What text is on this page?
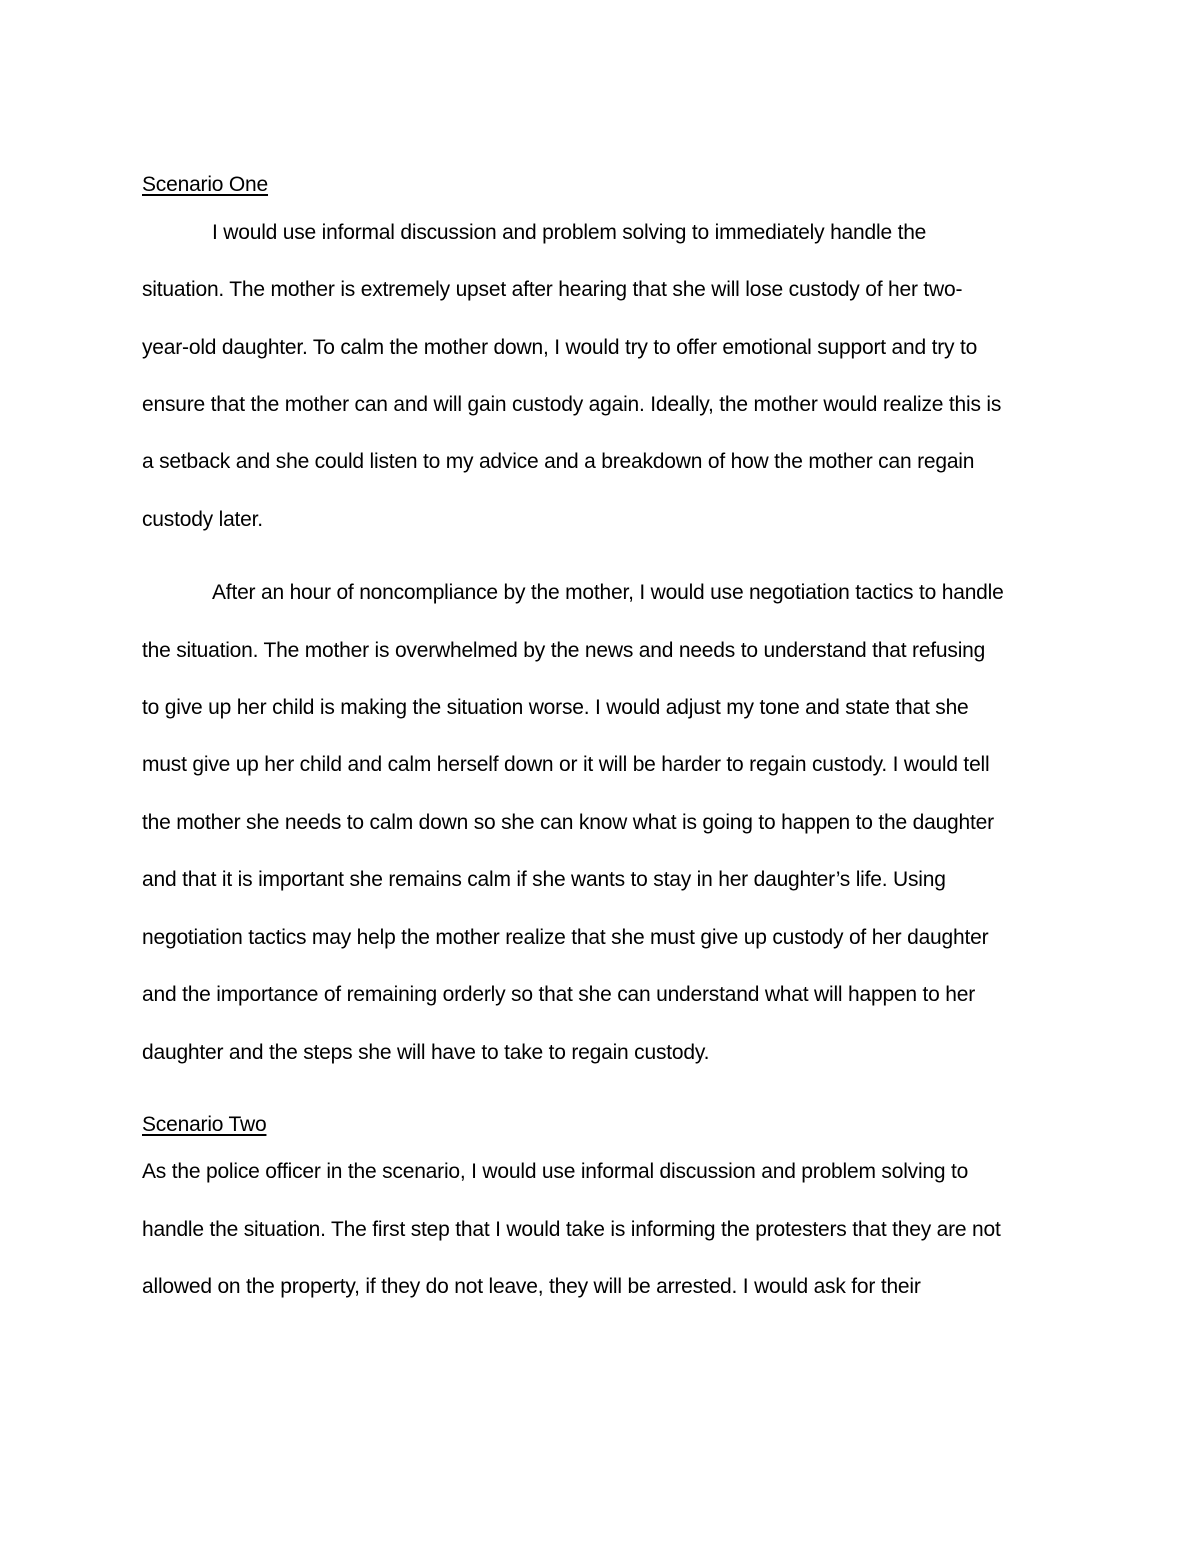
Scenario One
I would use informal discussion and problem solving to immediately handle the
situation. The mother is extremely upset after hearing that she will lose custody of her two-
year-old daughter. To calm the mother down, I would try to offer emotional support and try to
ensure that the mother can and will gain custody again. Ideally, the mother would realize this is
a setback and she could listen to my advice and a breakdown of how the mother can regain
custody later.
After an hour of noncompliance by the mother, I would use negotiation tactics to handle
the situation. The mother is overwhelmed by the news and needs to understand that refusing
to give up her child is making the situation worse. I would adjust my tone and state that she
must give up her child and calm herself down or it will be harder to regain custody. I would tell
the mother she needs to calm down so she can know what is going to happen to the daughter
and that it is important she remains calm if she wants to stay in her daughter’s life. Using
negotiation tactics may help the mother realize that she must give up custody of her daughter
and the importance of remaining orderly so that she can understand what will happen to her
daughter and the steps she will have to take to regain custody.
Scenario Two
As the police officer in the scenario, I would use informal discussion and problem solving to
handle the situation. The first step that I would take is informing the protesters that they are not
allowed on the property, if they do not leave, they will be arrested. I would ask for their
